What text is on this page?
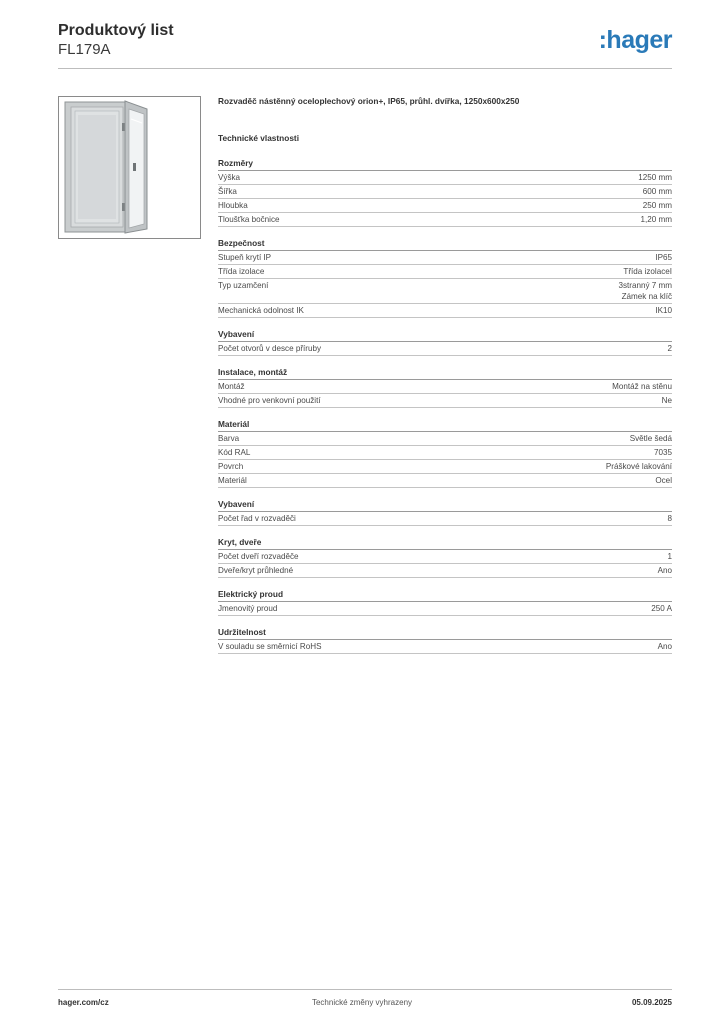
Produktový list
FL179A	:hager
Rozvaděč nástěnný oceloplechový orion+, IP65, průhl. dvířka, 1250x600x250
Technické vlastnosti
Rozměry
Výška	1250 mm
Šířka	600 mm
Hloubka	250 mm
Tloušťka bočnice	1,20 mm
Bezpečnost
Stupeň krytí IP	IP65
Třída izolace	Třída izolaceI
Typ uzamčení	3stranný 7 mm
Zámek na klíč
Mechanická odolnost IK	IK10
Vybavení
Počet otvorů v desce příruby	2
Instalace, montáž
Montáž	Montáž na stěnu
Vhodné pro venkovní použití	Ne
Materiál
Barva	Světle šedá
Kód RAL	7035
Povrch	Práškové lakování
Materiál	Ocel
Vybavení
Počet řad v rozvaděči	8
Kryt, dveře
Počet dveří rozvaděče	1
Dveře/kryt průhledné	Ano
Elektrický proud
Jmenovitý proud	250 A
Udržitelnost
V souladu se směrnicí RoHS	Ano
hager.com/cz	Technické změny vyhrazeny	05.09.2025
